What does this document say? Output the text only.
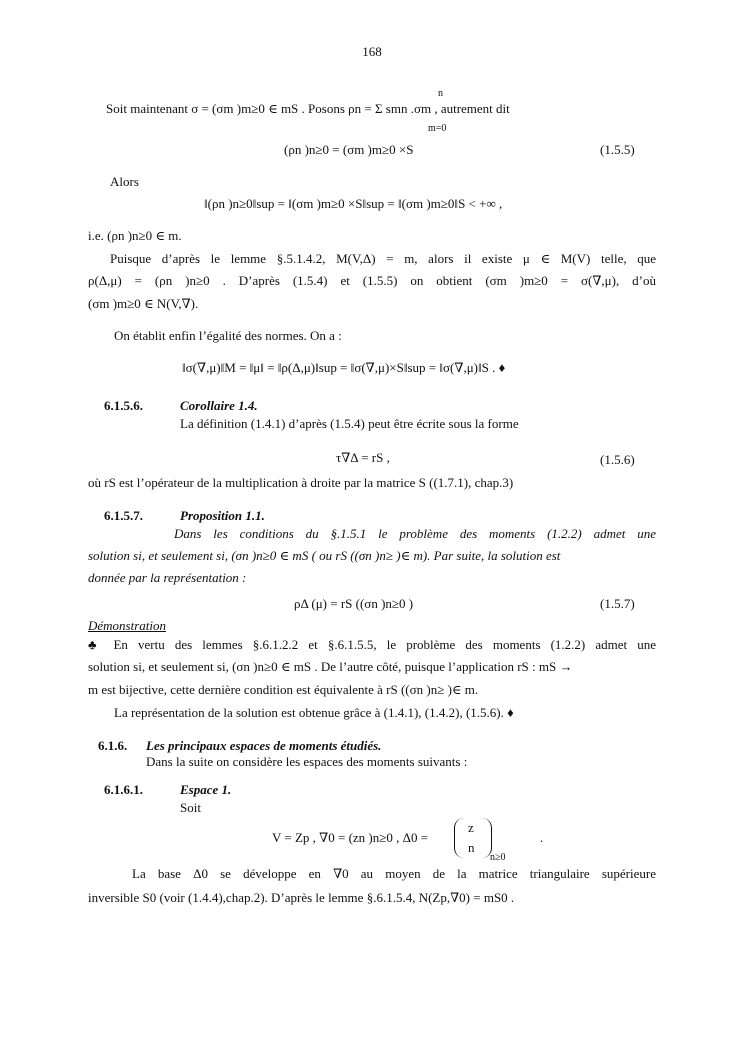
168
Soit maintenant σ = (σm )m≥0 ∈ mS . Posons ρn = Σ smn .σm , autrement dit
n
m=0
(ρn )n≥0 = (σm )m≥0 ×S	(1.5.5)
Alors
‖(ρn )n≥0‖sup = ‖(σm )m≥0 ×S‖sup = ‖(σm )m≥0‖S < +∞ ,
i.e. (ρn )n≥0 ∈ m.
Puisque d’après le lemme §.5.1.4.2, M(V,Δ) = m, alors il existe μ ∈ M(V) telle, que
ρ(Δ,μ) = (ρn )n≥0 . D’après (1.5.4) et (1.5.5) on obtient (σm )m≥0 = σ(∇,μ), d’où
(σm )m≥0 ∈ N(V,∇).
On établit enfin l’égalité des normes. On a :
‖σ(∇,μ)‖M = ‖μ‖ = ‖ρ(Δ,μ)‖sup = ‖σ(∇,μ)×S‖sup = ‖σ(∇,μ)‖S . ♦
6.1.5.6.	Corollaire 1.4.
La définition (1.4.1) d’après (1.5.4) peut être écrite sous la forme
τ∇Δ = rS ,	(1.5.6)
où rS est l’opérateur de la multiplication à droite par la matrice S ((1.7.1), chap.3)
6.1.5.7.	Proposition 1.1.
Dans les conditions du §.1.5.1 le problème des moments (1.2.2) admet une
solution si, et seulement si, (σn )n≥0 ∈ mS ( ou rS ((σn )n≥ )∈ m). Par suite, la solution est
donnée par la représentation :
ρΔ (μ) = rS ((σn )n≥0 )	(1.5.7)
Démonstration
♣ En vertu des lemmes §.6.1.2.2 et §.6.1.5.5, le problème des moments (1.2.2) admet une
solution si, et seulement si, (σn )n≥0 ∈ mS . De l’autre côté, puisque l’application rS : mS →
m est bijective, cette dernière condition est équivalente à rS ((σn )n≥ )∈ m.
La représentation de la solution est obtenue grâce à (1.4.1), (1.4.2), (1.5.6). ♦
6.1.6. Les principaux espaces de moments étudiés.
Dans la suite on considère les espaces des moments suivants :
6.1.6.1.	Espace 1.
Soit
V = Zp , ∇0 = (zn )n≥0 , Δ0 =
z
n
n≥0
.
La base Δ0 se développe en ∇0 au moyen de la matrice triangulaire supérieure
inversible S0 (voir (1.4.4),chap.2). D’après le lemme §.6.1.5.4, N(Zp,∇0) = mS0 .
